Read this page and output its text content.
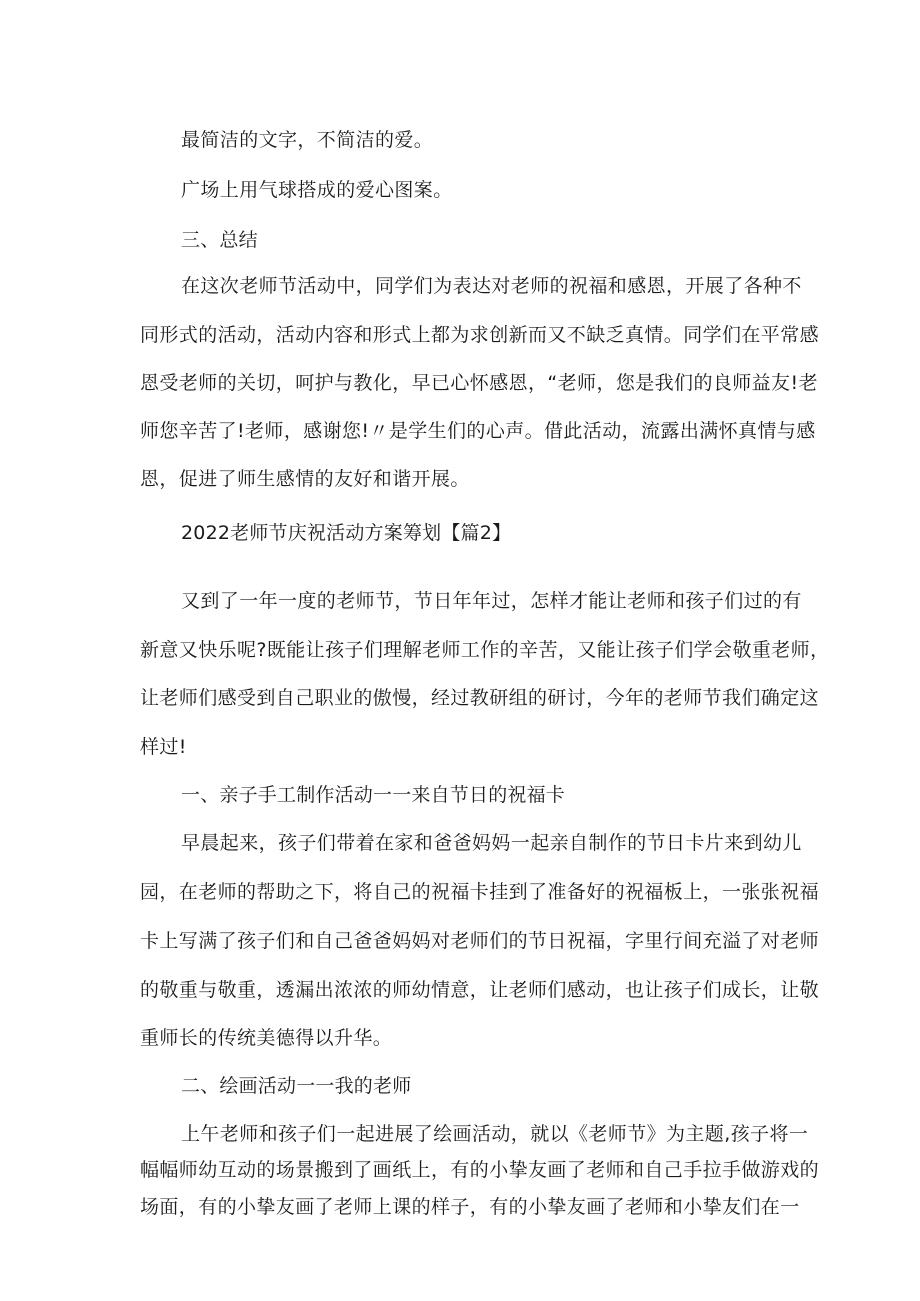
最简洁的文字，不简洁的爱。
广场上用气球搭成的爱心图案。
三、总结
在这次老师节活动中，同学们为表达对老师的祝福和感恩，开展了各种不
同形式的活动，活动内容和形式上都为求创新而又不缺乏真情。同学们在平常感
恩受老师的关切，呵护与教化，早已心怀感恩，“老师，您是我们的良师益友!老
师您辛苦了!老师，感谢您!〃是学生们的心声。借此活动，流露出满怀真情与感
恩，促进了师生感情的友好和谐开展。
2022老师节庆祝活动方案筹划【篇2】
又到了一年一度的老师节，节日年年过，怎样才能让老师和孩子们过的有
新意又快乐呢?既能让孩子们理解老师工作的辛苦，又能让孩子们学会敬重老师，
让老师们感受到自己职业的傲慢，经过教研组的研讨，今年的老师节我们确定这
样过!
一、亲子手工制作活动一一来自节日的祝福卡
早晨起来，孩子们带着在家和爸爸妈妈一起亲自制作的节日卡片来到幼儿
园，在老师的帮助之下，将自己的祝福卡挂到了准备好的祝福板上，一张张祝福
卡上写满了孩子们和自己爸爸妈妈对老师们的节日祝福，字里行间充溢了对老师
的敬重与敬重，透漏出浓浓的师幼情意，让老师们感动，也让孩子们成长，让敬
重师长的传统美德得以升华。
二、绘画活动一一我的老师
上午老师和孩子们一起进展了绘画活动，就以《老师节》为主题,孩子将一
幅幅师幼互动的场景搬到了画纸上，有的小挚友画了老师和自己手拉手做游戏的
场面，有的小挚友画了老师上课的样子，有的小挚友画了老师和小挚友们在一
